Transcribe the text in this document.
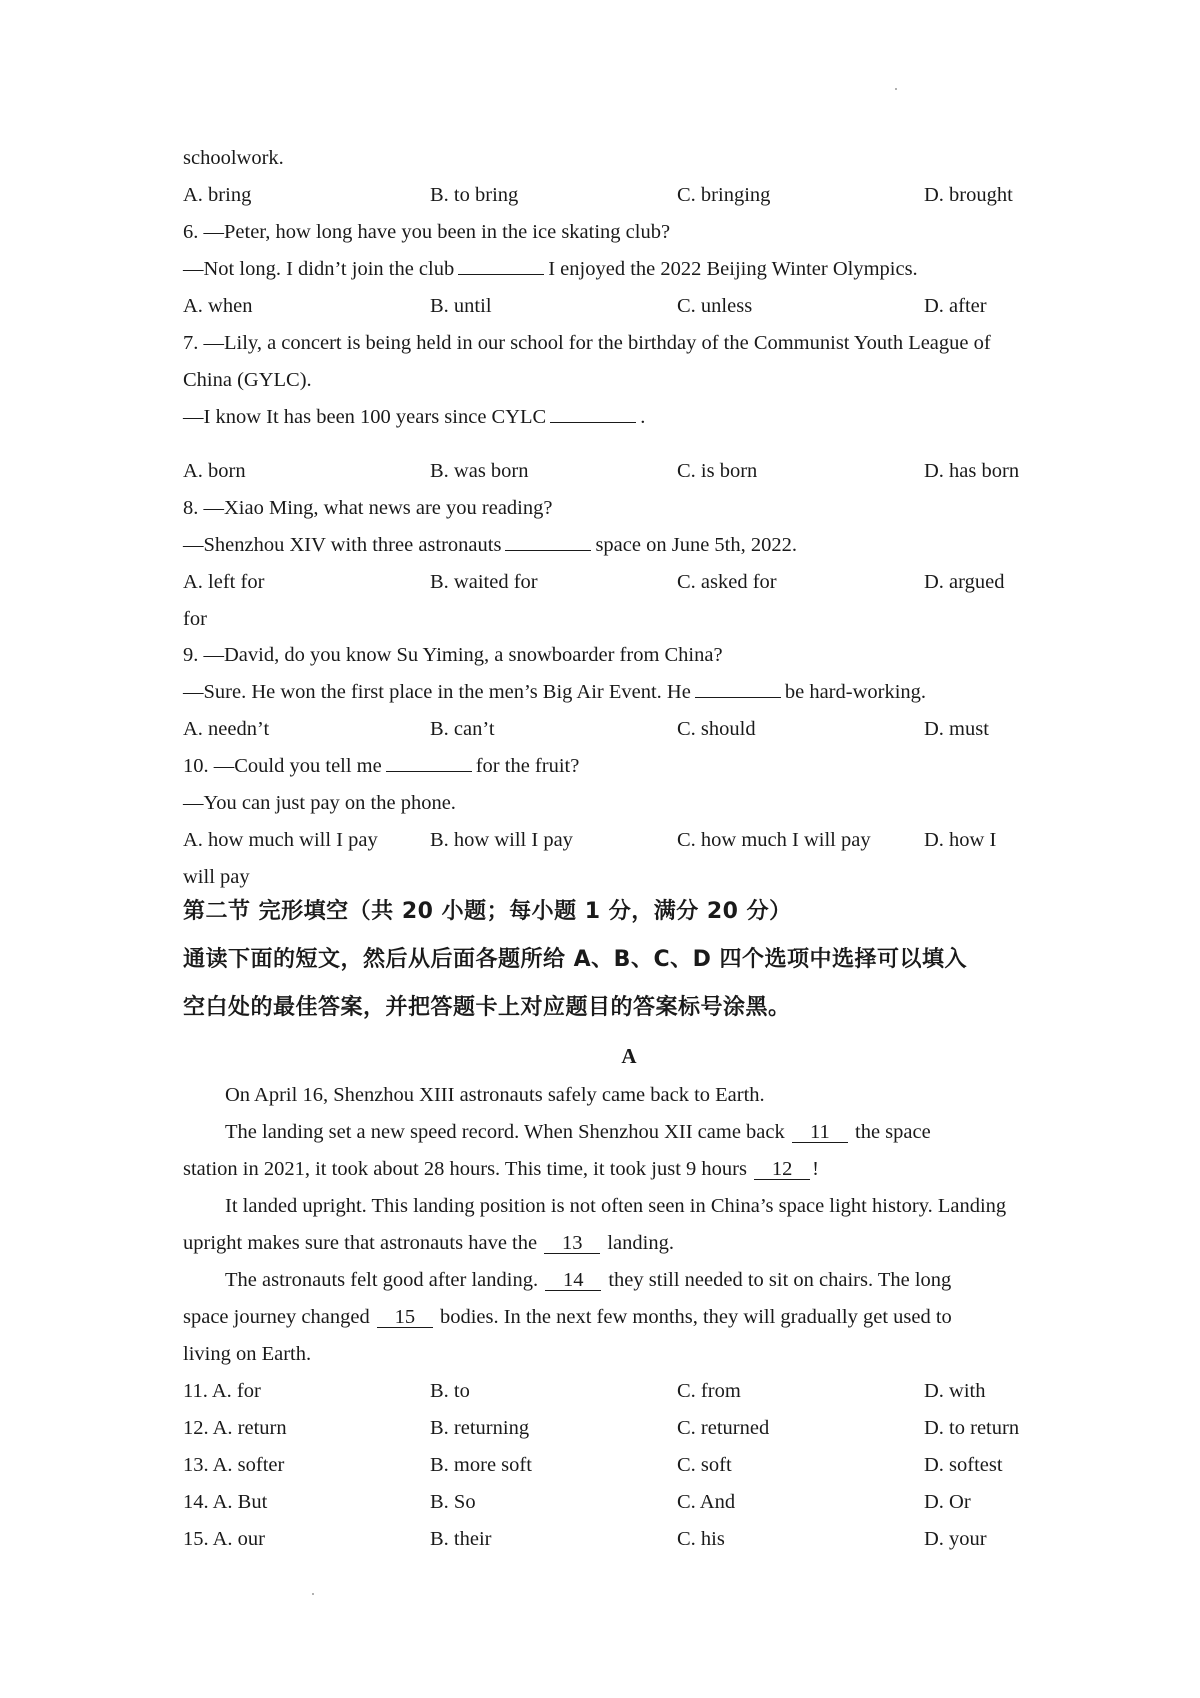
schoolwork.
A. bring	B. to bring	C. bringing	D. brought
6. —Peter, how long have you been in the ice skating club?
—Not long. I didn’t join the club	I enjoyed the 2022 Beijing Winter Olympics.
A. when	B. until	C. unless	D. after
7. —Lily, a concert is being held in our school for the birthday of the Communist Youth League of
China (GYLC).
—I know It has been 100 years since CYLC	.
A. born	B. was born	C. is born	D. has born
8. —Xiao Ming, what news are you reading?
—Shenzhou XIV with three astronauts	space on June 5th, 2022.
A. left for	B. waited for	C. asked for	D. argued
for
9. —David, do you know Su Yiming, a snowboarder from China?
—Sure. He won the first place in the men’s Big Air Event. He	be hard-working.
A. needn’t	B. can’t	C. should	D. must
10. —Could you tell me	for the fruit?
—You can just pay on the phone.
A. how much will I pay	B. how will I pay	C. how much I will pay	D. how I
will pay
第二节 完形填空（共 20 小题；每小题 1 分，满分 20 分）
通读下面的短文，然后从后面各题所给 A、B、C、D 四个选项中选择可以填入
空白处的最佳答案，并把答题卡上对应题目的答案标号涂黑。
A
On April 16, Shenzhou XIII astronauts safely came back to Earth.
The landing set a new speed record. When Shenzhou XII came back 11 the space
station in 2021, it took about 28 hours. This time, it took just 9 hours 12 !
It landed upright. This landing position is not often seen in China’s space light history. Landing
upright makes sure that astronauts have the 13 landing.
The astronauts felt good after landing. 14 they still needed to sit on chairs. The long
space journey changed 15 bodies. In the next few months, they will gradually get used to
living on Earth.
11. A. for	B. to	C. from	D. with
12. A. return	B. returning	C. returned	D. to return
13. A. softer	B. more soft	C. soft	D. softest
14. A. But	B. So	C. And	D. Or
15. A. our	B. their	C. his	D. your
